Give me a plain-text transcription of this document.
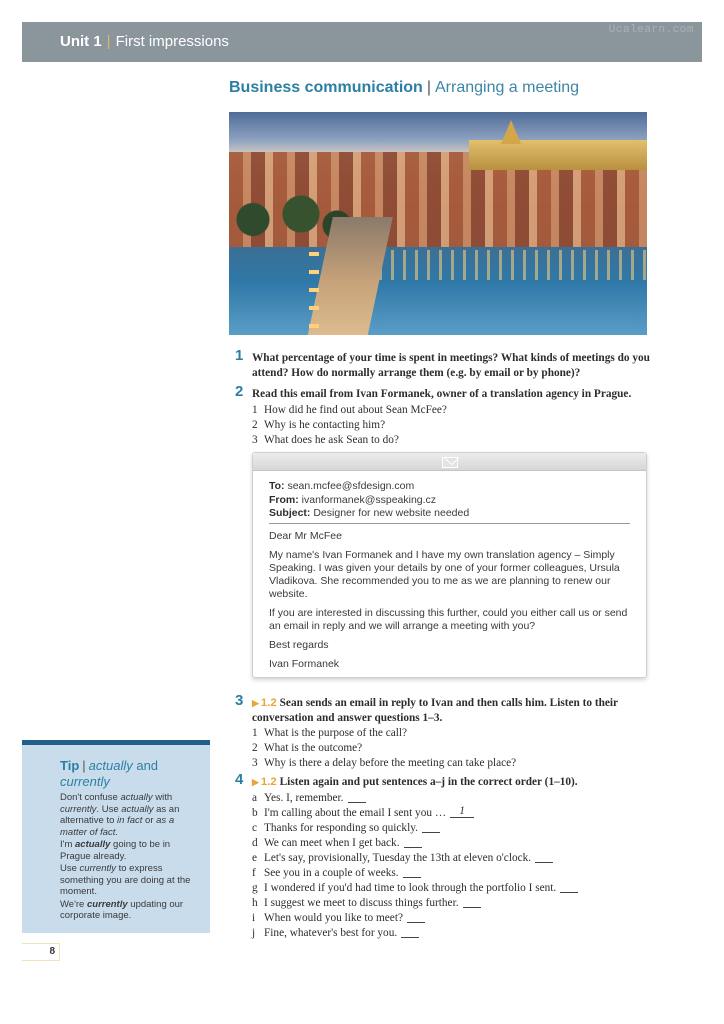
Unit 1 | First impressions
Ucalearn.com
Business communication | Arranging a meeting
1 What percentage of your time is spent in meetings? What kinds of meetings do you attend? How do normally arrange them (e.g. by email or by phone)?
2 Read this email from Ivan Formanek, owner of a translation agency in Prague.
1 How did he find out about Sean McFee?
2 Why is he contacting him?
3 What does he ask Sean to do?
To: sean.mcfee@sfdesign.com
From: ivanformanek@sspeaking.cz
Subject: Designer for new website needed

Dear Mr McFee

My name's Ivan Formanek and I have my own translation agency – Simply Speaking. I was given your details by one of your former colleagues, Ursula Vladikova. She recommended you to me as we are planning to renew our website.

If you are interested in discussing this further, could you either call us or send an email in reply and we will arrange a meeting with you?

Best regards

Ivan Formanek

3 ▶ 1.2 Sean sends an email in reply to Ivan and then calls him. Listen to their conversation and answer questions 1–3.
1 What is the purpose of the call?
2 What is the outcome?
3 Why is there a delay before the meeting can take place?
4 ▶ 1.2 Listen again and put sentences a–j in the correct order (1–10).
a Yes. I, remember.
b I'm calling about the email I sent you …	1
c Thanks for responding so quickly.
d We can meet when I get back.
e Let's say, provisionally, Tuesday the 13th at eleven o'clock.
f See you in a couple of weeks.
g I wondered if you'd had time to look through the portfolio I sent.
h I suggest we meet to discuss things further.
i When would you like to meet?
j Fine, whatever's best for you.
Tip | actually and
currently

Don't confuse actually with currently. Use actually as an alternative to in fact or as a matter of fact.

I'm actually going to be in Prague already.

Use currently to express something you are doing at the moment.

We're currently updating our corporate image.

8
